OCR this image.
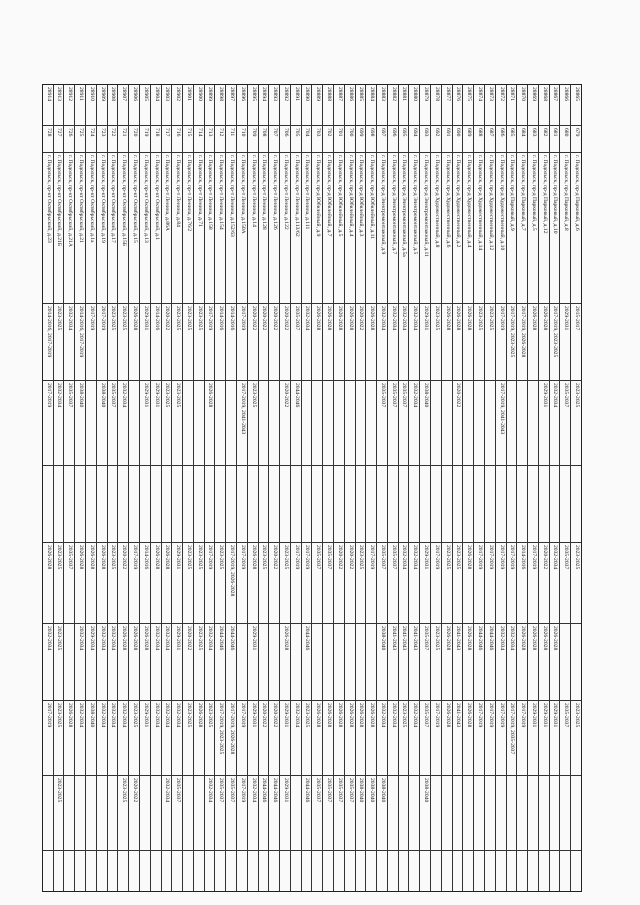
28865
679
г. Подольск, пр-д Парковый, д.6
2015-2017
2023-2025
2023-2025
2023-2025
28866
680
г. Подольск, пр-д Парковый, д.8
2029-2031
2035-2037
2035-2037
2035-2037
28867
681
г. Подольск, пр-д Парковый, д.10
2017-2019, 2023-2025
2032-2034
2032-2034
2026-2028
2029-2031
28868
682
г. Подольск, пр-д Парковый, д.12
2026-2028
2029-2031
2020-2022
2026-2028
2029-2031
28869
683
г. Подольск, пр-д Парковый, д.5
2026-2028
2017-2019
2026-2028
2029-2031
28870
684
г. Подольск, пр-д Парковый, д.7
2017-2019, 2026-2028
2014-2016
2026-2028
2017-2019
28871
685
г. Подольск, пр-д Парковый, д.9
2017-2019, 2023-2025
2017-2019
2032-2034
2017-2019, 2035-2037
28872
686
г. Подольск, пр-д Художественный, д.10
2017-2019
2017-2019, 2041-2043
2017-2019
2032-2034
2017-2019
28873
687
г. Подольск, пр-д Художественный, д.12
2023-2025
2017-2019
2044-2046
2017-2019
28874
688
г. Подольск, пр-д Художественный, д.14
2023-2025
2017-2019
2044-2046
2017-2019
28875
689
г. Подольск, пр-д Художественный, д.4
2026-2028
2026-2028
2026-2028
2026-2028
28876
690
г. Подольск, пр-д Художественный, д.2
2026-2028
2020-2022
2023-2025
2041-2043
2041-2043
28877
691
г. Подольск, пр-д Художественный, д.6
2026-2028
2023-2025
2026-2028
2026-2028
28878
692
г. Подольск, пр-д Художественный, д.8
2023-2025
2017-2019
2023-2025
2017-2019
28879
693
г. Подольск, пр-д Электромонтажный, д.11
2029-2031
2038-2040
2029-2031
2035-2037
2035-2037
2038-2040
28880
694
г. Подольск, пр-д Электромонтажный, д.5
2032-2034
2032-2034
2032-2034
2041-2043
2032-2034
28881
695
г. Подольск, пр-д Электромонтажный, д.5а
2032-2034
2035-2037
2032-2034
2041-2043
2023-2025
28882
696
г. Подольск, пр-д Электромонтажный, д.7
2032-2034
2035-2037
2035-2037
2041-2043
2032-2034
28883
697
г. Подольск, пр-д Электромонтажный, д.9
2032-2034
2035-2037
2035-2037
2038-2040
2032-2034
2038-2040
28884
698
г. Подольск, пр-д Юбилейный, д.11
2026-2028
2017-2019
2026-2028
2038-2040
28885
699
г. Подольск, пр-д Юбилейный, д.3
2020-2022
2023-2025
2026-2028
2038-2040
28886
700
г. Подольск, пр-д Юбилейный, д.4
2026-2028
2020-2022
2026-2028
2035-2037
28887
701
г. Подольск, пр-д Юбилейный, д.5
2026-2028
2020-2022
2026-2028
2035-2037
28888
702
г. Подольск, пр-д Юбилейный, д.7
2026-2028
2035-2037
2026-2028
2035-2037
28889
703
г. Подольск, пр-д Юбилейный, д.9
2026-2028
2035-2037
2026-2028
2035-2037
28890
704
г. Подольск, пр-т Ленина, д.111
2032-2034
2017-2019
2044-2046
2023-2025
2044-2046
28891
705
г. Подольск, пр-т Ленина, д.113/62
2035-2037
2044-2046
2017-2019
2032-2034
28892
706
г. Подольск, пр-т Ленина, д.122
2020-2022
2020-2022
2023-2025
2026-2028
2029-2031
2029-2031
28893
707
г. Подольск, пр-т Ленина, д.126
2020-2022
2020-2022
2020-2022
2044-2046
28894
708
г. Подольск, пр-т Ленина, д.128
2020-2022
2023-2025
2020-2022
2044-2046
28895
709
г. Подольск, пр-т Ленина, д.14
2020-2022
2023-2025
2026-2028
2029-2031
2029-2031
2032-2034
28896
710
г. Подольск, пр-т Ленина, д.150А
2017-2019
2017-2019, 2041-2043
2017-2019
2017-2019
2017-2019
28897
711
г. Подольск, пр-т Ленина, д.152/63
2014-2016
2017-2019, 2026-2028
2044-2046
2017-2019, 2026-2028
2035-2037
28898
712
г. Подольск, пр-т Ленина, д.154
2014-2016
2023-2025
2044-2046
2017-2019, 2023-2025
2035-2037
28899
713
г. Подольск, пр-т Ленина, д.158
2017-2019
2026-2028
2017-2019
2032-2034
2023-2025
2032-2034
28900
714
г. Подольск, пр-т Ленина, д.71
2023-2025
2023-2025
2023-2025
2026-2028
28901
715
г. Подольск, пр-т Ленина, д.76/2
2023-2025
2023-2025
2020-2022
2023-2025
28902
716
г. Подольск, пр-т Ленина, д.84
2023-2025
2023-2025
2029-2031
2029-2031
2032-2034
2035-2037
28903
717
г. Подольск, пр-т Ленина, д.86А
2020-2022
2023-2025
2026-2028
2032-2034
2032-2034
2032-2034
28904
718
г. Подольск, пр-кт Октябрьский, д.1
2014-2016
2029-2031
2026-2028
2032-2034
2032-2034
28905
719
г. Подольск, пр-кт Октябрьский, д.13
2029-2031
2029-2031
2014-2016
2026-2028
2029-2031
28906
720
г. Подольск, пр-кт Октябрьский, д.15
2026-2028
2017-2019
2026-2028
2023-2025
2020-2022
28907
721
г. Подольск, пр-кт Октябрьский, д.15Б
2023-2025
2032-2034
2020-2022
2026-2028
2032-2034
2023-2025
28908
722
г. Подольск, пр-кт Октябрьский, д.17
2023-2025
2035-2037
2023-2025
2032-2034
2032-2034
28909
723
г. Подольск, пр-кт Октябрьский, д.19
2017-2019
2038-2040
2026-2028
2032-2034
2032-2034
28910
724
г. Подольск, пр-кт Октябрьский, д.1а
2017-2019
2026-2028
2029-2034
2038-2040
28911
725
г. Подольск, пр-кт Октябрьский, д.21
2014-2016, 2017-2019
2038-2040
2026-2028
2032-2034
2032-2034
28912
726
г. Подольск, пр-кт Октябрьский, д.21А
2032-2034
2035-2037
2035-2037
2026-2028
28913
727
г. Подольск, пр-кт Октябрьский, д.21Б
2023-2025
2032-2034
2023-2025
2023-2025
2023-2025
2023-2025
28914
728
г. Подольск, пр-кт Октябрьский, д.23
2014-2016, 2017-2019
2017-2019
2026-2028
2032-2034
2017-2019
